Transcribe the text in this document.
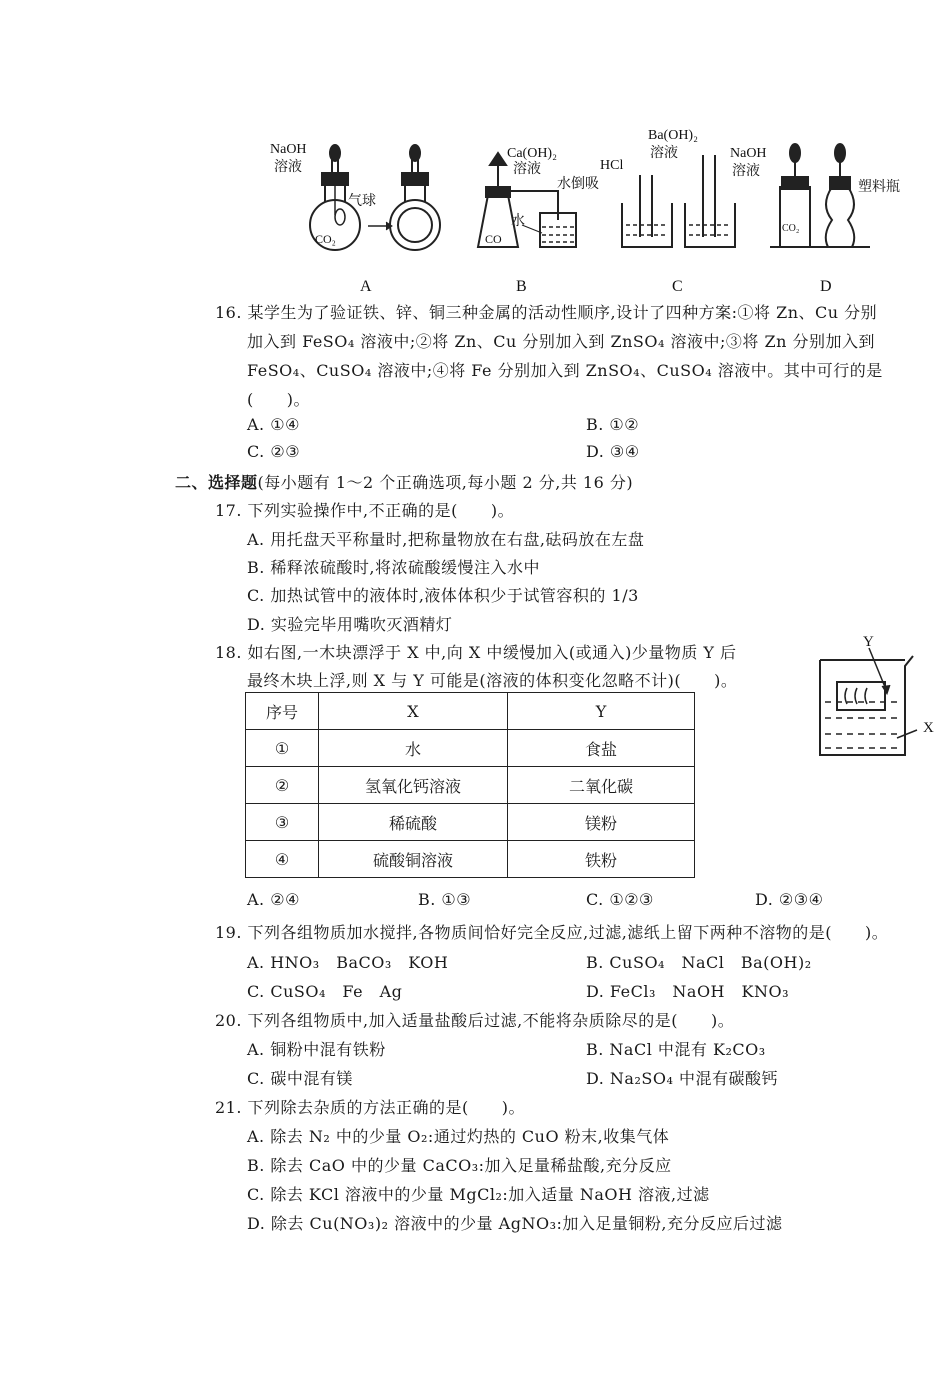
NaOH
溶液
气球
CO₂
Ca(OH)₂
溶液
水倒吸
水
CO
HCl
Ba(OH)₂
溶液	NaOH
溶液
塑料瓶
CO₂
A	B	C	D
16. 某学生为了验证铁、锌、铜三种金属的活动性顺序,设计了四种方案:①将 Zn、Cu 分别
加入到 FeSO₄ 溶液中;②将 Zn、Cu 分别加入到 ZnSO₄ 溶液中;③将 Zn 分别加入到
FeSO₄、CuSO₄ 溶液中;④将 Fe 分别加入到 ZnSO₄、CuSO₄ 溶液中。其中可行的是
(　　)。
A. ①④	B. ①②
C. ②③	D. ③④
二、选择题(每小题有 1～2 个正确选项,每小题 2 分,共 16 分)
17. 下列实验操作中,不正确的是(　　)。
A. 用托盘天平称量时,把称量物放在右盘,砝码放在左盘
B. 稀释浓硫酸时,将浓硫酸缓慢注入水中
C. 加热试管中的液体时,液体体积少于试管容积的 1/3
D. 实验完毕用嘴吹灭酒精灯
18. 如右图,一木块漂浮于 X 中,向 X 中缓慢加入(或通入)少量物质 Y 后
最终木块上浮,则 X 与 Y 可能是(溶液的体积变化忽略不计)(　　)。
Y
X
序号	X	Y
①	水	食盐
②	氢氧化钙溶液	二氧化碳
③	稀硫酸	镁粉
④	硫酸铜溶液	铁粉
A. ②④	B. ①③	C. ①②③	D. ②③④
19. 下列各组物质加水搅拌,各物质间恰好完全反应,过滤,滤纸上留下两种不溶物的是(　　)。
A. HNO₃　BaCO₃　KOH	B. CuSO₄　NaCl　Ba(OH)₂
C. CuSO₄　Fe　Ag	D. FeCl₃　NaOH　KNO₃
20. 下列各组物质中,加入适量盐酸后过滤,不能将杂质除尽的是(　　)。
A. 铜粉中混有铁粉	B. NaCl 中混有 K₂CO₃
C. 碳中混有镁	D. Na₂SO₄ 中混有碳酸钙
21. 下列除去杂质的方法正确的是(　　)。
A. 除去 N₂ 中的少量 O₂:通过灼热的 CuO 粉末,收集气体
B. 除去 CaO 中的少量 CaCO₃:加入足量稀盐酸,充分反应
C. 除去 KCl 溶液中的少量 MgCl₂:加入适量 NaOH 溶液,过滤
D. 除去 Cu(NO₃)₂ 溶液中的少量 AgNO₃:加入足量铜粉,充分反应后过滤
